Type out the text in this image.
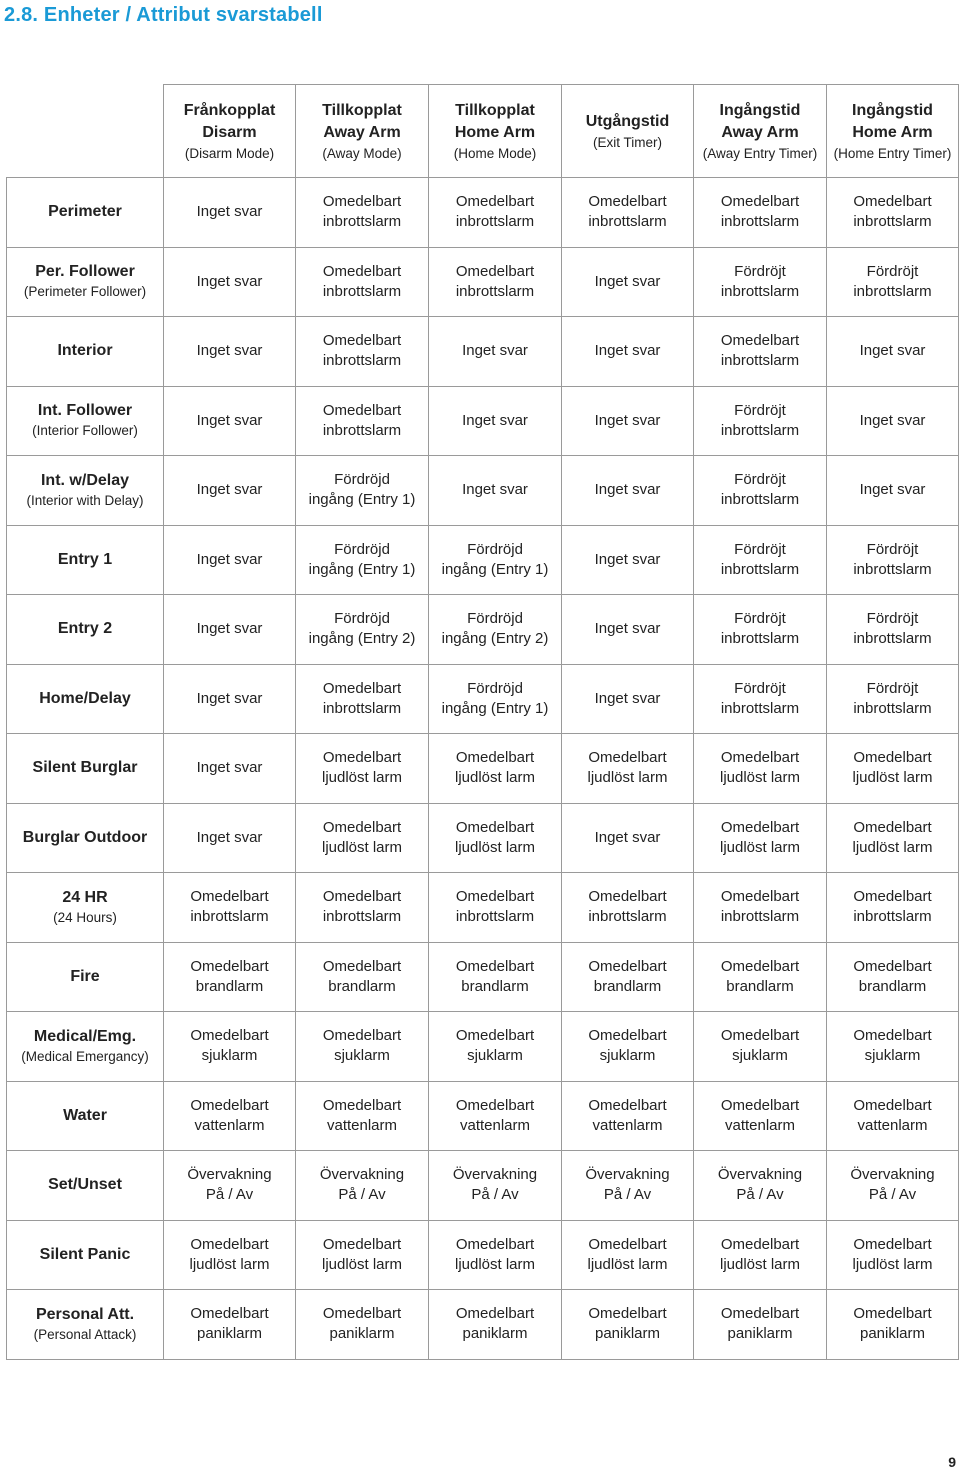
2.8. Enheter / Attribut svarstabell

	Frånkopplat
Disarm
(Disarm Mode)	Tillkopplat
Away Arm
(Away Mode)	Tillkopplat
Home Arm
(Home Mode)	Utgångstid
(Exit Timer)	Ingångstid
Away Arm
(Away Entry Timer)	Ingångstid
Home Arm
(Home Entry Timer)

Perimeter	Inget svar	Omedelbart
inbrottslarm	Omedelbart
inbrottslarm	Omedelbart
inbrottslarm	Omedelbart
inbrottslarm	Omedelbart
inbrottslarm

Per. Follower
(Perimeter Follower)	Inget svar	Omedelbart
inbrottslarm	Omedelbart
inbrottslarm	Inget svar	Fördröjt
inbrottslarm	Fördröjt
inbrottslarm

Interior	Inget svar	Omedelbart
inbrottslarm	Inget svar	Inget svar	Omedelbart
inbrottslarm	Inget svar

Int. Follower
(Interior Follower)	Inget svar	Omedelbart
inbrottslarm	Inget svar	Inget svar	Fördröjt
inbrottslarm	Inget svar

Int. w/Delay
(Interior with Delay)	Inget svar	Fördröjd
ingång (Entry 1)	Inget svar	Inget svar	Fördröjt
inbrottslarm	Inget svar

Entry 1	Inget svar	Fördröjd
ingång (Entry 1)	Fördröjd
ingång (Entry 1)	Inget svar	Fördröjt
inbrottslarm	Fördröjt
inbrottslarm

Entry 2	Inget svar	Fördröjd
ingång (Entry 2)	Fördröjd
ingång (Entry 2)	Inget svar	Fördröjt
inbrottslarm	Fördröjt
inbrottslarm

Home/Delay	Inget svar	Omedelbart
inbrottslarm	Fördröjd
ingång (Entry 1)	Inget svar	Fördröjt
inbrottslarm	Fördröjt
inbrottslarm

Silent Burglar	Inget svar	Omedelbart
ljudlöst larm	Omedelbart
ljudlöst larm	Omedelbart
ljudlöst larm	Omedelbart
ljudlöst larm	Omedelbart
ljudlöst larm

Burglar Outdoor	Inget svar	Omedelbart
ljudlöst larm	Omedelbart
ljudlöst larm	Inget svar	Omedelbart
ljudlöst larm	Omedelbart
ljudlöst larm

24 HR
(24 Hours)	Omedelbart
inbrottslarm	Omedelbart
inbrottslarm	Omedelbart
inbrottslarm	Omedelbart
inbrottslarm	Omedelbart
inbrottslarm	Omedelbart
inbrottslarm

Fire	Omedelbart
brandlarm	Omedelbart
brandlarm	Omedelbart
brandlarm	Omedelbart
brandlarm	Omedelbart
brandlarm	Omedelbart
brandlarm

Medical/Emg.
(Medical Emergancy)	Omedelbart
sjuklarm	Omedelbart
sjuklarm	Omedelbart
sjuklarm	Omedelbart
sjuklarm	Omedelbart
sjuklarm	Omedelbart
sjuklarm

Water	Omedelbart
vattenlarm	Omedelbart
vattenlarm	Omedelbart
vattenlarm	Omedelbart
vattenlarm	Omedelbart
vattenlarm	Omedelbart
vattenlarm

Set/Unset	Övervakning
På / Av	Övervakning
På / Av	Övervakning
På / Av	Övervakning
På / Av	Övervakning
På / Av	Övervakning
På / Av

Silent Panic	Omedelbart
ljudlöst larm	Omedelbart
ljudlöst larm	Omedelbart
ljudlöst larm	Omedelbart
ljudlöst larm	Omedelbart
ljudlöst larm	Omedelbart
ljudlöst larm

Personal Att.
(Personal Attack)	Omedelbart
paniklarm	Omedelbart
paniklarm	Omedelbart
paniklarm	Omedelbart
paniklarm	Omedelbart
paniklarm	Omedelbart
paniklarm
9
